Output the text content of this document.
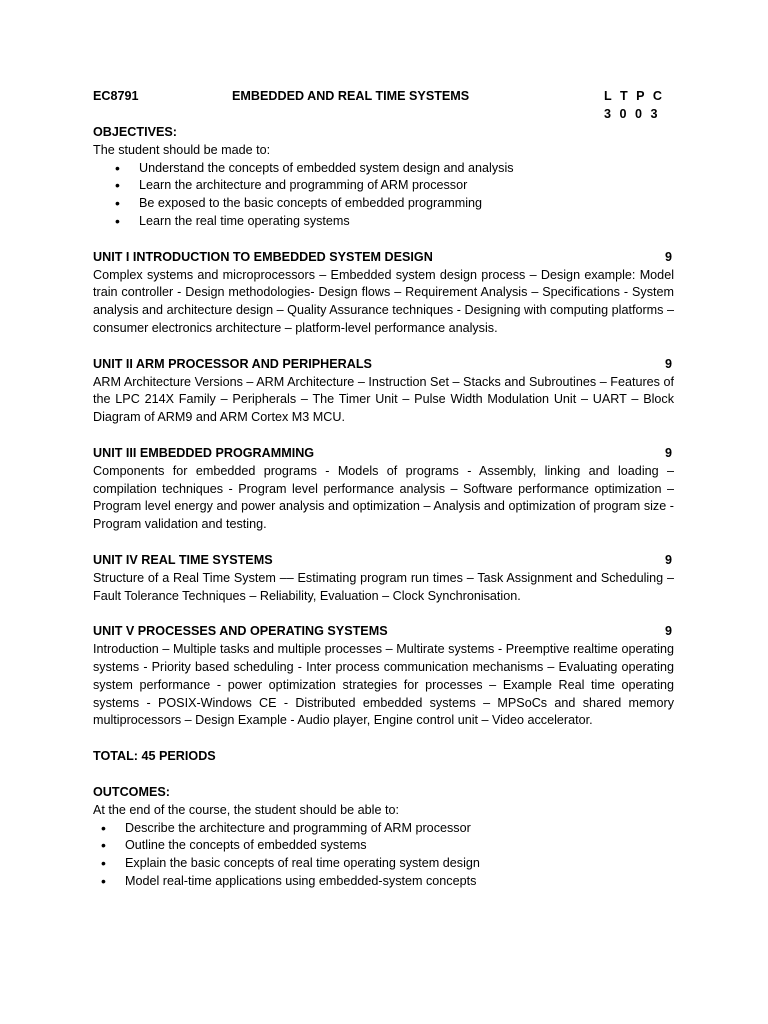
EC8791	EMBEDDED AND REAL TIME SYSTEMS	L T P C
3 0 0 3

OBJECTIVES:

The student should be made to:

• Understand the concepts of embedded system design and analysis
• Learn the architecture and programming of ARM processor
• Be exposed to the basic concepts of embedded programming
• Learn the real time operating systems
UNIT I INTRODUCTION TO EMBEDDED SYSTEM DESIGN	9

Complex systems and microprocessors – Embedded system design process – Design example: Model train controller - Design methodologies- Design flows – Requirement Analysis – Specifications - System analysis and architecture design – Quality Assurance techniques - Designing with computing platforms – consumer electronics architecture – platform-level performance analysis.

UNIT II ARM PROCESSOR AND PERIPHERALS	9

ARM Architecture Versions – ARM Architecture – Instruction Set – Stacks and Subroutines – Features of the LPC 214X Family – Peripherals – The Timer Unit – Pulse Width Modulation Unit – UART – Block Diagram of ARM9 and ARM Cortex M3 MCU.

UNIT III EMBEDDED PROGRAMMING	9

Components for embedded programs - Models of programs - Assembly, linking and loading – compilation techniques - Program level performance analysis – Software performance optimization – Program level energy and power analysis and optimization – Analysis and optimization of program size - Program validation and testing.

UNIT IV REAL TIME SYSTEMS	9

Structure of a Real Time System –– Estimating program run times – Task Assignment and Scheduling – Fault Tolerance Techniques – Reliability, Evaluation – Clock Synchronisation.

UNIT V PROCESSES AND OPERATING SYSTEMS	9

Introduction – Multiple tasks and multiple processes – Multirate systems - Preemptive realtime operating systems - Priority based scheduling - Inter process communication mechanisms – Evaluating operating system performance - power optimization strategies for processes – Example Real time operating systems - POSIX-Windows CE - Distributed embedded systems – MPSoCs and shared memory multiprocessors – Design Example - Audio player, Engine control unit – Video accelerator.

TOTAL: 45 PERIODS

OUTCOMES:

At the end of the course, the student should be able to:

• Describe the architecture and programming of ARM processor
• Outline the concepts of embedded systems
• Explain the basic concepts of real time operating system design
• Model real-time applications using embedded-system concepts
